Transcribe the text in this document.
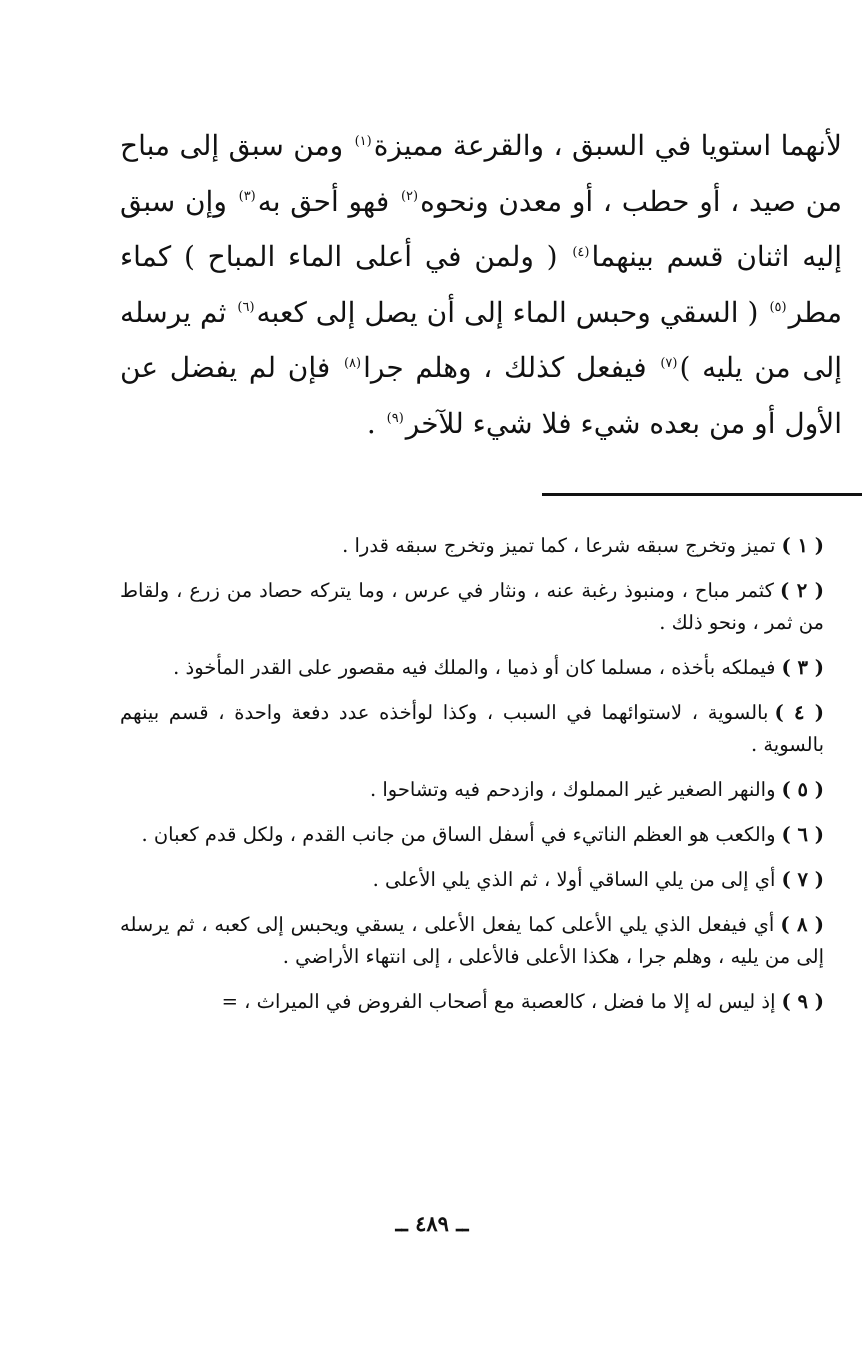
لأنهما استويا في السبق ، والقرعة مميزة$^{(١)}$ ومن سبق إلى مباح من صيد ، أو حطب ، أو معدن ونحوه$^{(٢)}$ فهو أحق به$^{(٣)}$ وإن سبق إليه اثنان قسم بينهما$^{(٤)}$ ( ولمن في أعلى الماء المباح ) كماء مطر$^{(٥)}$ ( السقي وحبس الماء إلى أن يصل إلى كعبه$^{(٦)}$ ثم يرسله إلى من يليه )$^{(٧)}$ فيفعل كذلك ، وهلم جرا$^{(٨)}$ فإن لم يفضل عن الأول أو من بعده شيء فلا شيء للآخر$^{(٩)}$ .

( ١ )تميز وتخرج سبقه شرعا ، كما تميز وتخرج سبقه قدرا .
( ٢ )كثمر مباح ، ومنبوذ رغبة عنه ، ونثار في عرس ، وما يتركه حصاد من زرع ، ولقاط من ثمر ، ونحو ذلك .
( ٣ )فيملكه بأخذه ، مسلما كان أو ذميا ، والملك فيه مقصور على القدر المأخوذ .
( ٤ )بالسوية ، لاستوائهما في السبب ، وكذا لوأخذه عدد دفعة واحدة ، قسم بينهم بالسوية .
( ٥ )والنهر الصغير غير المملوك ، وازدحم فيه وتشاحوا .
( ٦ )والكعب هو العظم الناتيء في أسفل الساق من جانب القدم ، ولكل قدم كعبان .
( ٧ )أي إلى من يلي الساقي أولا ، ثم الذي يلي الأعلى .
( ٨ )أي فيفعل الذي يلي الأعلى كما يفعل الأعلى ، يسقي ويحبس إلى كعبه ، ثم يرسله إلى من يليه ، وهلم جرا ، هكذا الأعلى فالأعلى ، إلى انتهاء الأراضي .
( ٩ )إذ ليس له إلا ما فضل ، كالعصبة مع أصحاب الفروض في الميراث ، =
ــ ٤٨٩ ــ
